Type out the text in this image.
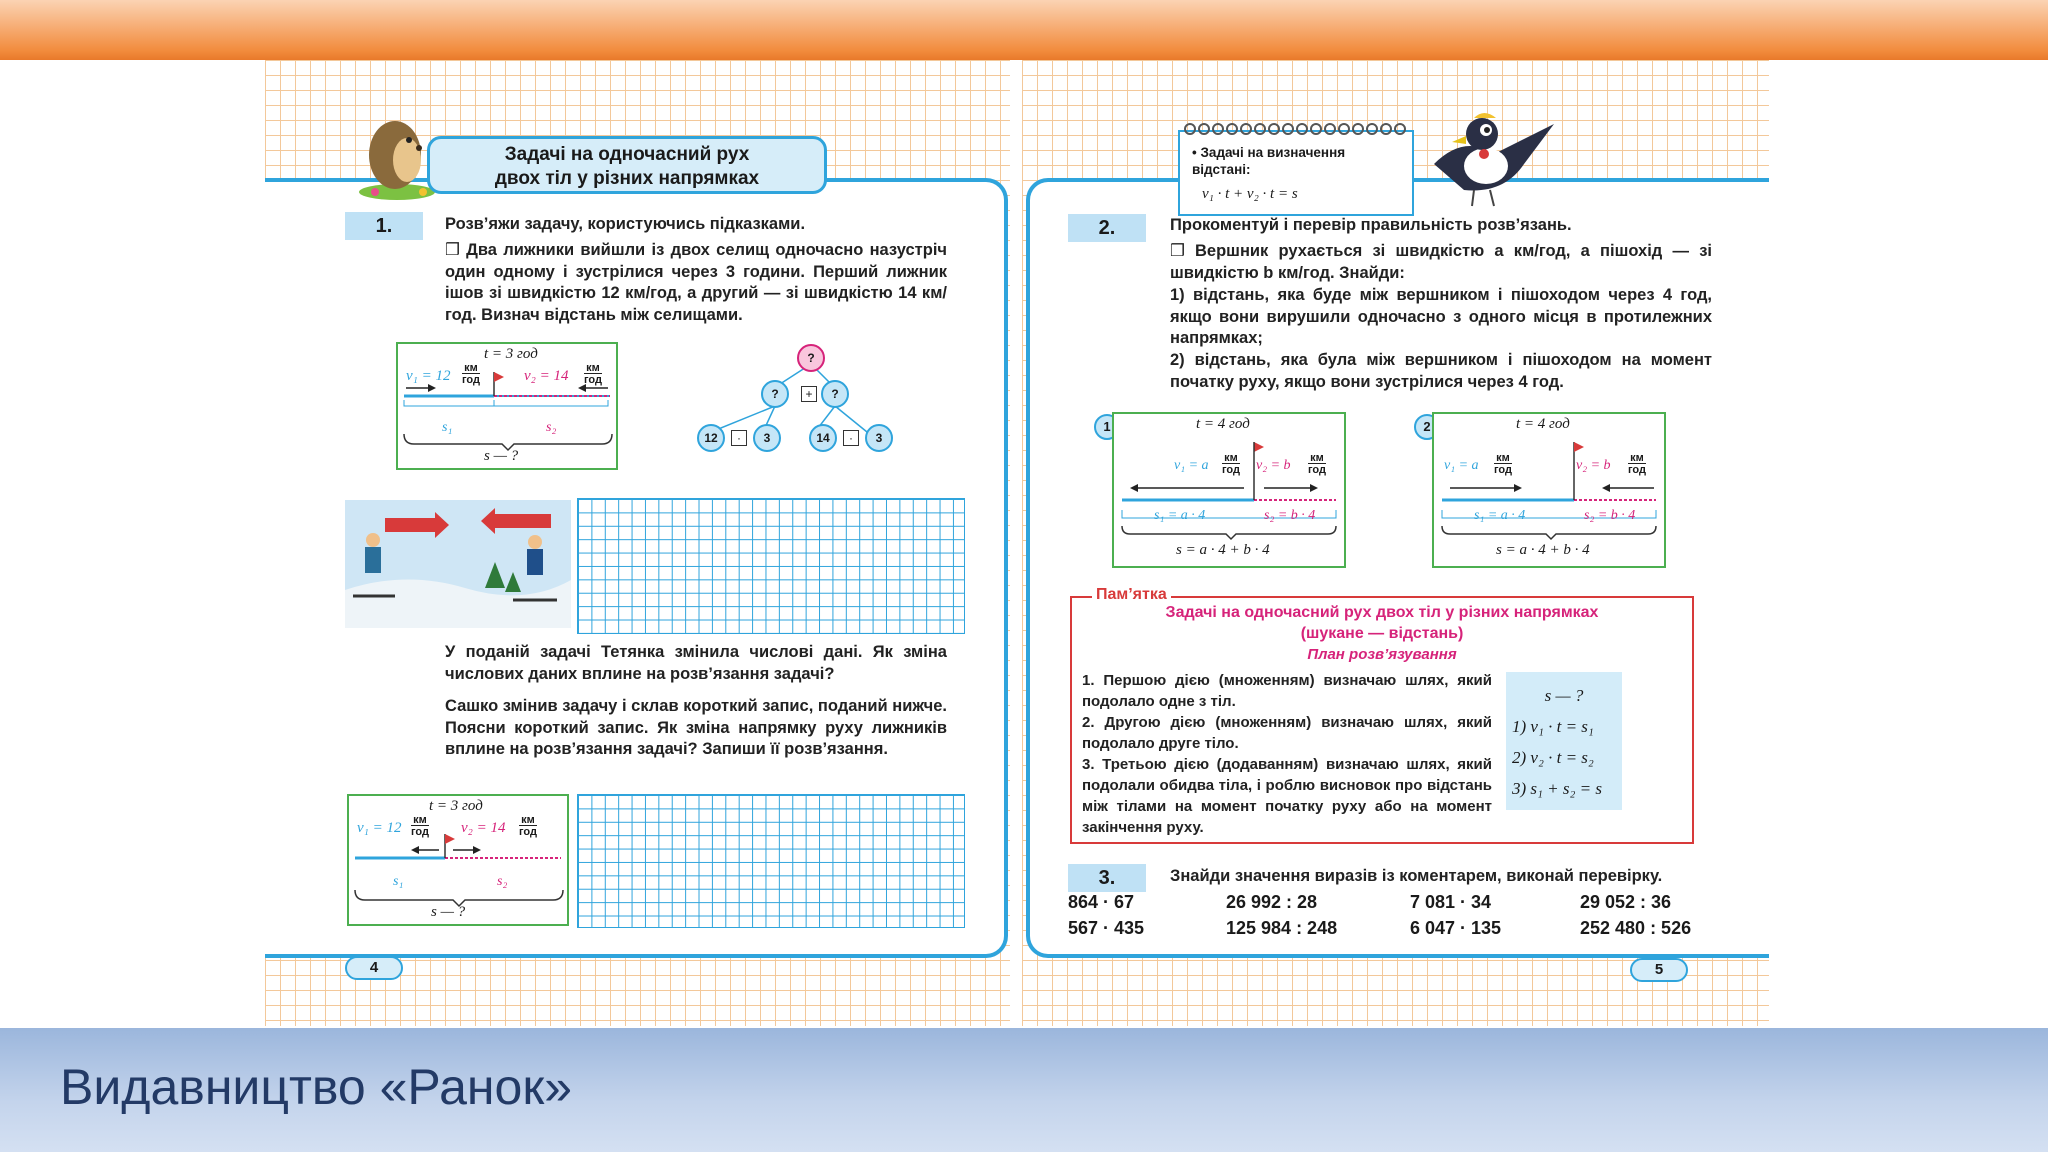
Задачі на одночасний рух
двох тіл у різних напрямках
1.	Розв’яжи задачу, користуючись підказками.
❒ Два лижники вийшли із двох селищ одночасно назустріч один одному і зустрілися через 3 години. Перший лижник ішов зі швидкістю 12 км/год, а другий — зі швидкістю 14 км/год. Визнач відстань між селищами.
t = 3 год
v₁ = 12 км
год	v₂ = 14 км
год
s₁	s₂
s — ?
?
?	+	?
12	·	3	14	·	3
У поданій задачі Тетянка змінила числові дані. Як зміна числових даних вплине на розв’язання задачі?
Сашко змінив задачу і склав короткий запис, поданий нижче. Поясни короткий запис. Як зміна напрямку руху лижників вплине на розв’язання задачі? Запиши її розв’язання.
t = 3 год
v₁ = 12 км
год v₂ = 14 км
год
s₁	s₂
s — ?
4
• Задачі на визначення відстані:
v₁ · t + v₂ · t = s
2.	Прокоментуй і перевір правильність розв’язань.
❒ Вершник рухається зі швидкістю a км/год, а пішохід — зі швидкістю b км/год. Знайди:
1) відстань, яка буде між вершником і пішоходом через 4 год, якщо вони вирушили одночасно з одного місця в протилежних напрямках;
2) відстань, яка була між вершником і пішоходом на момент початку руху, якщо вони зустрілися через 4 год.
1	t = 4 год
v₁ = a км
год v₂ = b км
год
s₁ = a · 4	s₂ = b · 4
s = a · 4 + b · 4
2	t = 4 год
v₁ = a км
год	v₂ = b км
год
s₁ = a · 4	s₂ = b · 4
s = a · 4 + b · 4
Пам’ятка
Задачі на одночасний рух двох тіл у різних напрямках
(шукане — відстань)
План розв’язування
1. Першою дією (множенням) визначаю шлях, який подолало одне з тіл.
2. Другою дією (множенням) визначаю шлях, який подолало друге тіло.
3. Третьою дією (додаванням) визначаю шлях, який подолали обидва тіла, і роблю висновок про відстань між тілами на момент початку руху або на момент закінчення руху.
s — ?
1) v₁ · t = s₁
2) v₂ · t = s₂
3) s₁ + s₂ = s
3.	Знайди значення виразів із коментарем, виконай перевірку.
864 · 67	26 992 : 28	7 081 · 34	29 052 : 36
567 · 435	125 984 : 248	6 047 · 135	252 480 : 526
5
Видавництво «Ранок»
